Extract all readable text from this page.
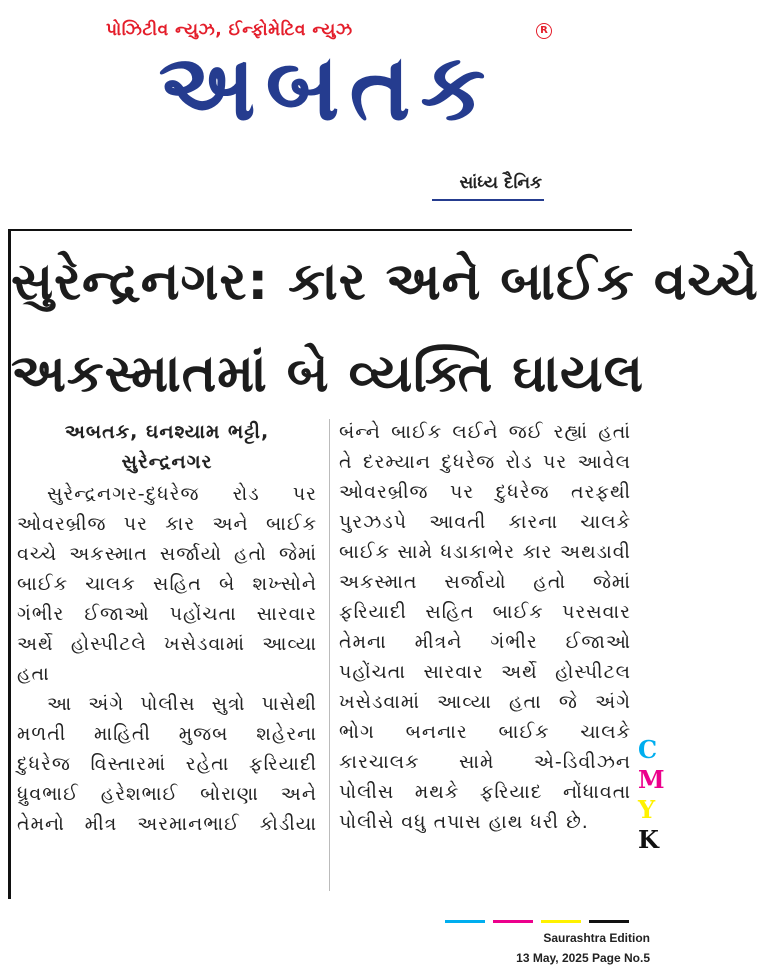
પોઝિટીવ ન્યુઝ, ઈન્ફોમેટિવ ન્યુઝ	R
અબતક
સાંધ્ય દૈનિક
સુરેન્દ્રનગર: કાર અને બાઈક વચ્ચે
અકસ્માતમાં બે વ્યક્તિ ઘાયલ
અબતક, ઘનશ્યામ ભટ્ટી,
સુરેન્દ્રનગર
સુરેન્દ્રનગર-દુધરેજ રોડ પર
ઓવરબ્રીજ પર કાર અને બાઈક
વચ્ચે અકસ્માત સર્જાયો હતો જેમાં
બાઈક ચાલક સહિત બે શખ્સોને
ગંભીર ઈજાઓ પહોંચતા સારવાર
અર્થે હોસ્પીટલે ખસેડવામાં આવ્યા
હતા
આ અંગે પોલીસ સુત્રો પાસેથી
મળતી માહિતી મુજબ શહેરના
દુધરેજ વિસ્તારમાં રહેતા ફરિયાદી
ધ્રુવભાઈ હરેશભાઈ બોરાણા અને
તેમનો મીત્ર અરમાનભાઈ કોડીયા
બંન્ને બાઈક લઈને જઈ રહ્યાં હતાં
તે દરમ્યાન દુધરેજ રોડ પર આવેલ
ઓવરબ્રીજ પર દુધરેજ તરફથી
પુરઝડપે આવતી કારના ચાલકે
બાઈક સામે ધડાકાભેર કાર અથડાવી
અકસ્માત સર્જાયો હતો જેમાં
ફરિયાદી સહિત બાઈક પરસવાર
તેમના મીત્રને ગંભીર ઈજાઓ
પહોંચતા સારવાર અર્થે હોસ્પીટલ
ખસેડવામાં આવ્યા હતા જે અંગે
ભોગ બનનાર બાઈક ચાલકે
કારચાલક સામે એ-ડિવીઝન
પોલીસ મથકે ફરિયાદ નોંધાવતા
પોલીસે વધુ તપાસ હાથ ધરી છે.
C
M
Y
K
Saurashtra Edition
13 May, 2025 Page No.5
